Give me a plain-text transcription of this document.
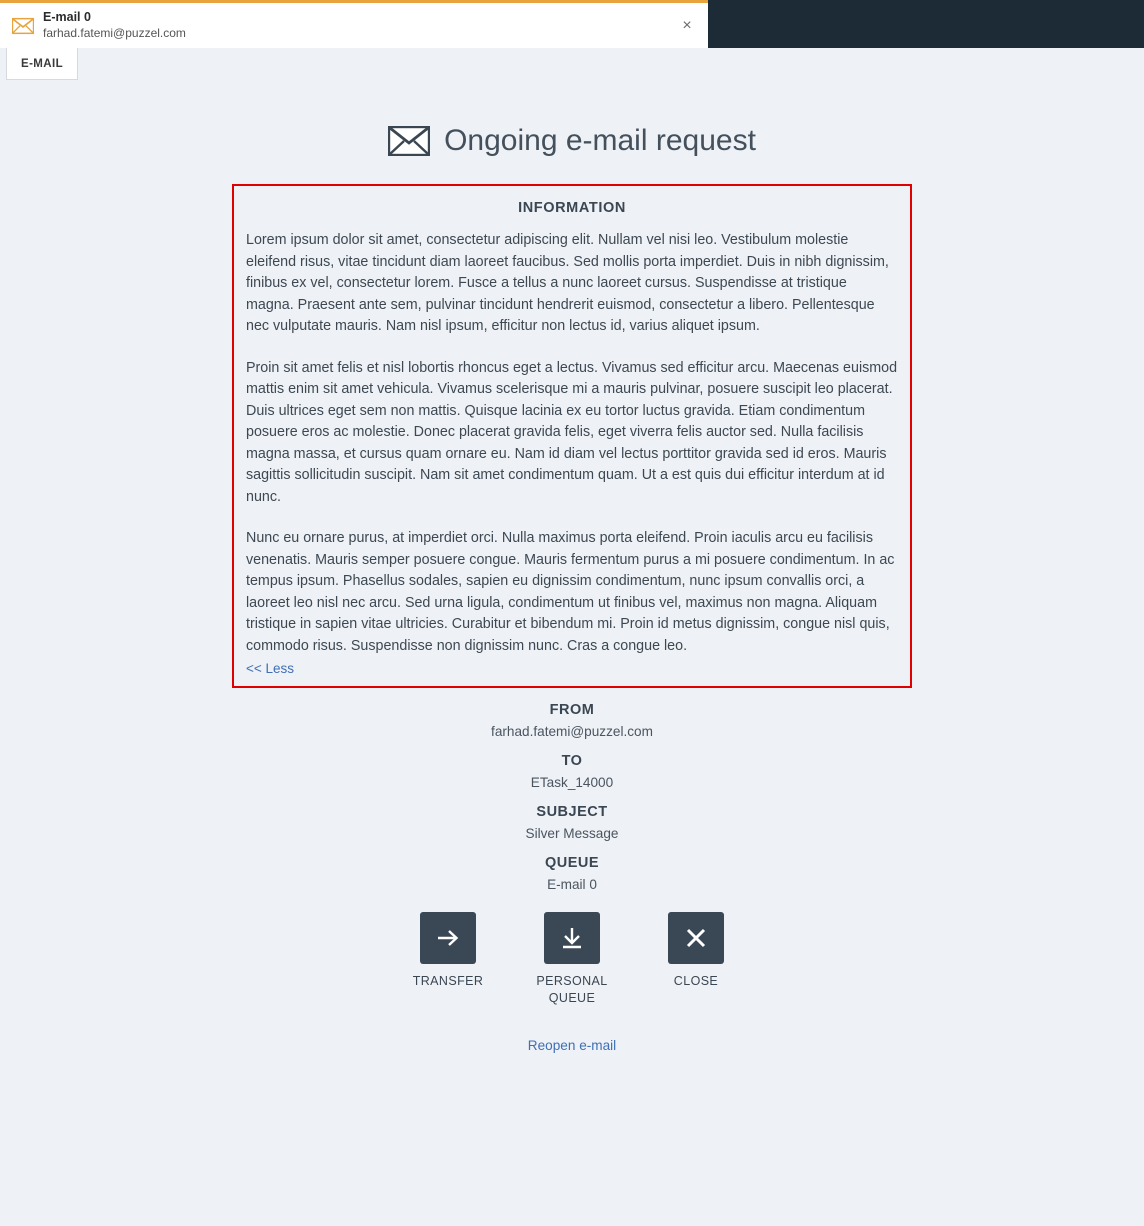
E-mail 0
farhad.fatemi@puzzel.com	×
E-MAIL
Ongoing e-mail request
INFORMATION

Lorem ipsum dolor sit amet, consectetur adipiscing elit. Nullam vel nisi leo. Vestibulum molestie eleifend risus, vitae tincidunt diam laoreet faucibus. Sed mollis porta imperdiet. Duis in nibh dignissim, finibus ex vel, consectetur lorem. Fusce a tellus a nunc laoreet cursus. Suspendisse at tristique magna. Praesent ante sem, pulvinar tincidunt hendrerit euismod, consectetur a libero. Pellentesque nec vulputate mauris. Nam nisl ipsum, efficitur non lectus id, varius aliquet ipsum.

Proin sit amet felis et nisl lobortis rhoncus eget a lectus. Vivamus sed efficitur arcu. Maecenas euismod mattis enim sit amet vehicula. Vivamus scelerisque mi a mauris pulvinar, posuere suscipit leo placerat. Duis ultrices eget sem non mattis. Quisque lacinia ex eu tortor luctus gravida. Etiam condimentum posuere eros ac molestie. Donec placerat gravida felis, eget viverra felis auctor sed. Nulla facilisis magna massa, et cursus quam ornare eu. Nam id diam vel lectus porttitor gravida sed id eros. Mauris sagittis sollicitudin suscipit. Nam sit amet condimentum quam. Ut a est quis dui efficitur interdum at id nunc.

Nunc eu ornare purus, at imperdiet orci. Nulla maximus porta eleifend. Proin iaculis arcu eu facilisis venenatis. Mauris semper posuere congue. Mauris fermentum purus a mi posuere condimentum. In ac tempus ipsum. Phasellus sodales, sapien eu dignissim condimentum, nunc ipsum convallis orci, a laoreet leo nisl nec arcu. Sed urna ligula, condimentum ut finibus vel, maximus non magna. Aliquam tristique in sapien vitae ultricies. Curabitur et bibendum mi. Proin id metus dignissim, congue nisl quis, commodo risus. Suspendisse non dignissim nunc. Cras a congue leo.

<< Less
FROM
farhad.fatemi@puzzel.com
TO
ETask_14000
SUBJECT
Silver Message
QUEUE
E-mail 0
TRANSFER	PERSONAL QUEUE
CLOSE
Reopen e-mail
